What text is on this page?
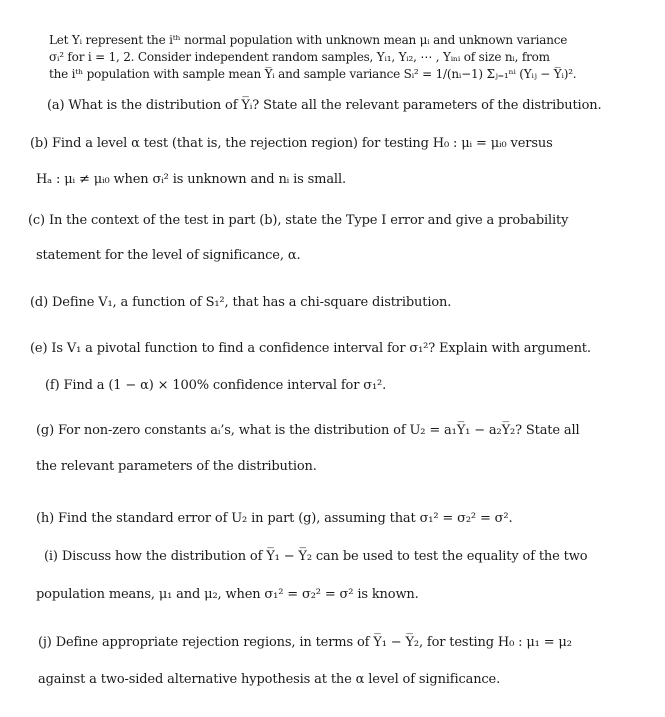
Let Yᵢ represent the iᵗʰ normal population with unknown mean μᵢ and unknown variance
σᵢ² for i = 1, 2. Consider independent random samples, Yᵢ₁, Yᵢ₂, ⋯ , Yᵢₙᵢ of size nᵢ, from
the iᵗʰ population with sample mean Y̅ᵢ and sample variance Sᵢ² = 1/(nᵢ−1) Σⱼ₌₁ⁿⁱ (Yᵢⱼ − Y̅ᵢ)².
(a) What is the distribution of Y̅ᵢ? State all the relevant parameters of the distribution.
(b) Find a level α test (that is, the rejection region) for testing H₀ : μᵢ = μᵢ₀ versus
Hₐ : μᵢ ≠ μᵢ₀ when σᵢ² is unknown and nᵢ is small.
(c) In the context of the test in part (b), state the Type I error and give a probability
statement for the level of significance, α.
(d) Define V₁, a function of S₁², that has a chi-square distribution.
(e) Is V₁ a pivotal function to find a confidence interval for σ₁²? Explain with argument.
(f) Find a (1 − α) × 100% confidence interval for σ₁².
(g) For non-zero constants aᵢ’s, what is the distribution of U₂ = a₁Y̅₁ − a₂Y̅₂? State all
the relevant parameters of the distribution.
(h) Find the standard error of U₂ in part (g), assuming that σ₁² = σ₂² = σ².
(i) Discuss how the distribution of Y̅₁ − Y̅₂ can be used to test the equality of the two
population means, μ₁ and μ₂, when σ₁² = σ₂² = σ² is known.
(j) Define appropriate rejection regions, in terms of Y̅₁ − Y̅₂, for testing H₀ : μ₁ = μ₂
against a two-sided alternative hypothesis at the α level of significance.
